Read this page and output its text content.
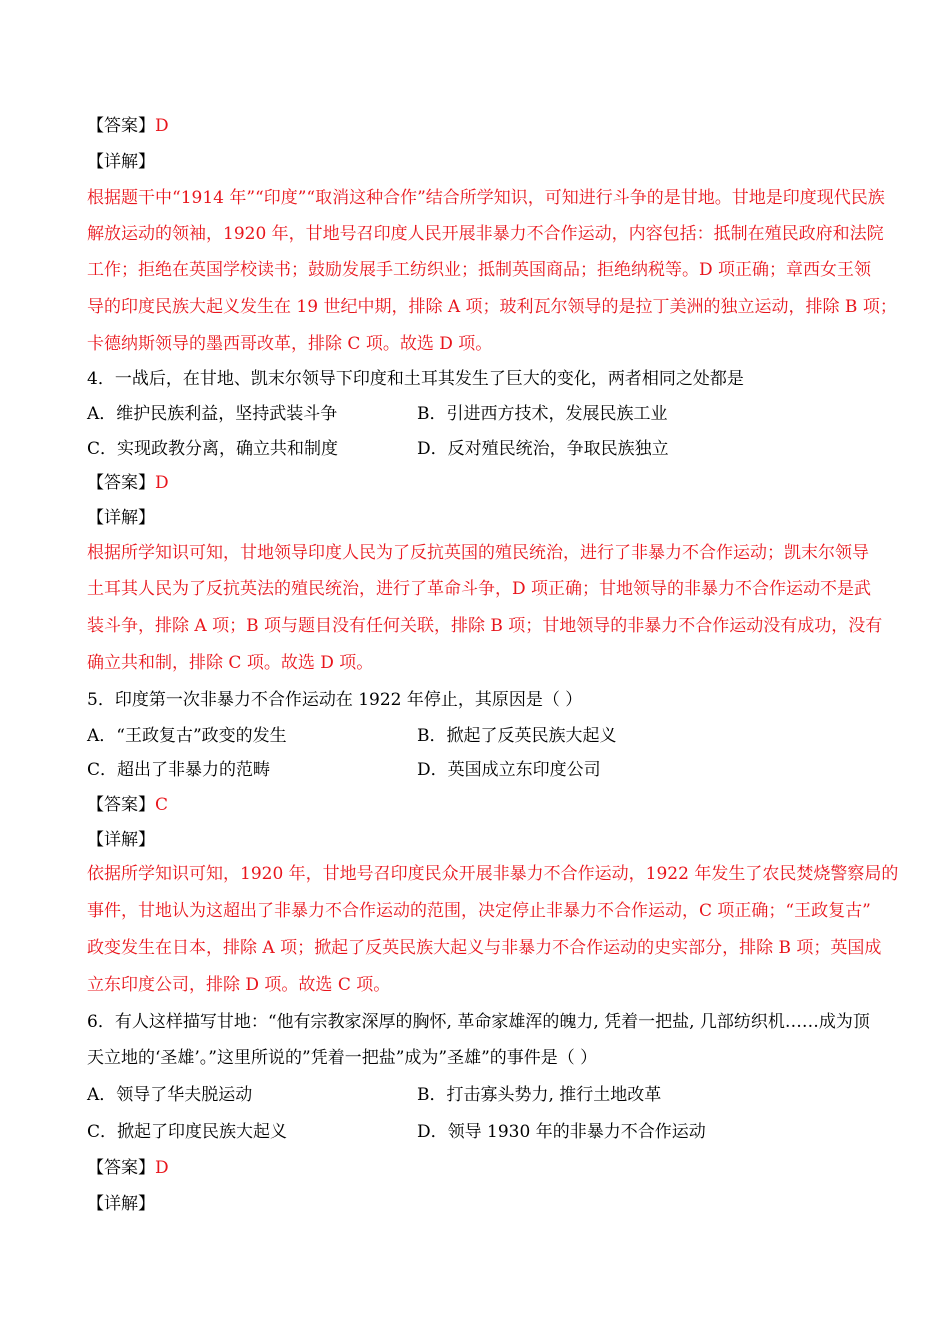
【答案】D
【详解】
根据题干中“1914 年”“印度”“取消这种合作”结合所学知识，可知进行斗争的是甘地。甘地是印度现代民族
解放运动的领袖，1920 年，甘地号召印度人民开展非暴力不合作运动，内容包括：抵制在殖民政府和法院
工作；拒绝在英国学校读书；鼓励发展手工纺织业；抵制英国商品；拒绝纳税等。D 项正确；章西女王领
导的印度民族大起义发生在 19 世纪中期，排除 A 项；玻利瓦尔领导的是拉丁美洲的独立运动，排除 B 项；
卡德纳斯领导的墨西哥改革，排除 C 项。故选 D 项。
4．一战后，在甘地、凯末尔领导下印度和土耳其发生了巨大的变化，两者相同之处都是
A．维护民族利益，坚持武装斗争	B．引进西方技术，发展民族工业
C．实现政教分离，确立共和制度	D．反对殖民统治，争取民族独立
【答案】D
【详解】
根据所学知识可知，甘地领导印度人民为了反抗英国的殖民统治，进行了非暴力不合作运动；凯末尔领导
土耳其人民为了反抗英法的殖民统治，进行了革命斗争，D 项正确；甘地领导的非暴力不合作运动不是武
装斗争，排除 A 项；B 项与题目没有任何关联，排除 B 项；甘地领导的非暴力不合作运动没有成功，没有
确立共和制，排除 C 项。故选 D 项。
5．印度第一次非暴力不合作运动在 1922 年停止，其原因是（ ）
A．“王政复古”政变的发生	B．掀起了反英民族大起义
C．超出了非暴力的范畴	D．英国成立东印度公司
【答案】C
【详解】
依据所学知识可知，1920 年，甘地号召印度民众开展非暴力不合作运动，1922 年发生了农民焚烧警察局的
事件，甘地认为这超出了非暴力不合作运动的范围，决定停止非暴力不合作运动，C 项正确；“王政复古”
政变发生在日本，排除 A 项；掀起了反英民族大起义与非暴力不合作运动的史实部分，排除 B 项；英国成
立东印度公司，排除 D 项。故选 C 项。
6．有人这样描写甘地：“他有宗教家深厚的胸怀, 革命家雄浑的魄力, 凭着一把盐, 几部纺织机……成为顶
天立地的‘圣雄’。”这里所说的”凭着一把盐”成为”圣雄”的事件是（ ）
A．领导了华夫脱运动	B．打击寡头势力, 推行土地改革
C．掀起了印度民族大起义	D．领导 1930 年的非暴力不合作运动
【答案】D
【详解】
